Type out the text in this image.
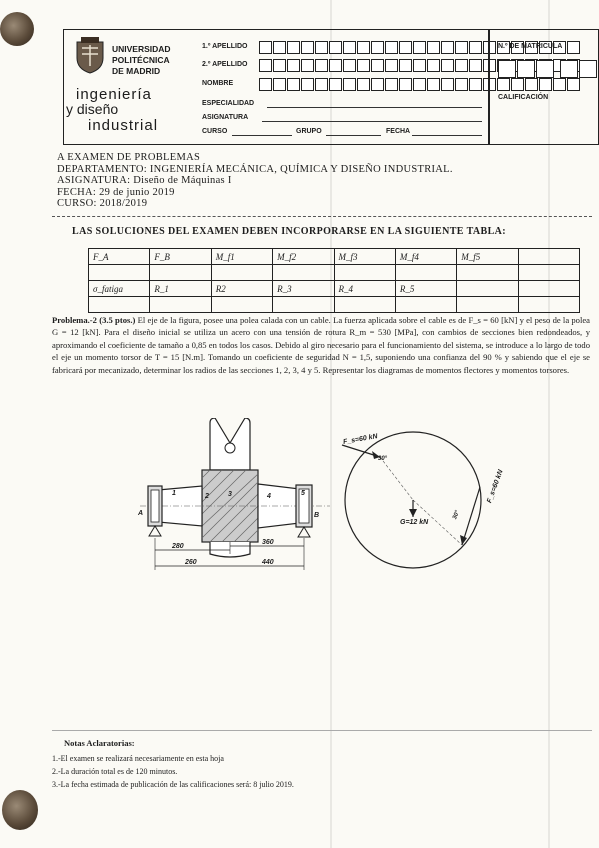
UNIVERSIDAD
POLITÉCNICA
DE MADRID
ingeniería
y diseño
industrial
1.º APELLIDO
2.º APELLIDO
NOMBRE
ESPECIALIDAD
ASIGNATURA
CURSO	GRUPO	FECHA
N.º DE MATRICULA
CALIFICACIÓN
A EXAMEN DE PROBLEMAS
DEPARTAMENTO: INGENIERÍA MECÁNICA, QUÍMICA Y DISEÑO INDUSTRIAL.
ASIGNATURA: Diseño de Máquinas I
FECHA: 29 de junio 2019
CURSO: 2018/2019
LAS SOLUCIONES DEL EXAMEN DEBEN INCORPORARSE EN LA SIGUIENTE TABLA:
F_A	F_B	M_f1	M_f2	M_f3	M_f4	M_f5	

σ_fatiga	R_1	R2	R_3	R_4	R_5		

Problema.-2 (3.5 ptos.) El eje de la figura, posee una polea calada con un cable. La fuerza aplicada sobre el cable es de F_s = 60 [kN] y el peso de la polea G = 12 [kN]. Para el diseño inicial se utiliza un acero con una tensión de rotura R_m = 530 [MPa], con cambios de secciones bien redondeados, y aproximando el coeficiente de tamaño a 0,85 en todos los casos. Debido al giro necesario para el funcionamiento del sistema, se introduce a lo largo de todo el eje un momento torsor de T = 15 [N.m]. Tomando un coeficiente de seguridad N = 1,5, suponiendo una confianza del 90 % y sabiendo que el eje se fabricará por mecanizado, determinar los radios de las secciones 1, 2, 3, 4 y 5. Representar los diagramas de momentos flectores y momentos torsores.
1	2	3	4	5
A	B
280
360
260	440
F_s=60 kN
F_s=60 kN
30°
30°
G=12 kN
Notas Aclaratorias:
1.-El examen se realizará necesariamente en esta hoja
2.-La duración total es de 120 minutos.
3.-La fecha estimada de publicación de las calificaciones será: 8 julio 2019.
